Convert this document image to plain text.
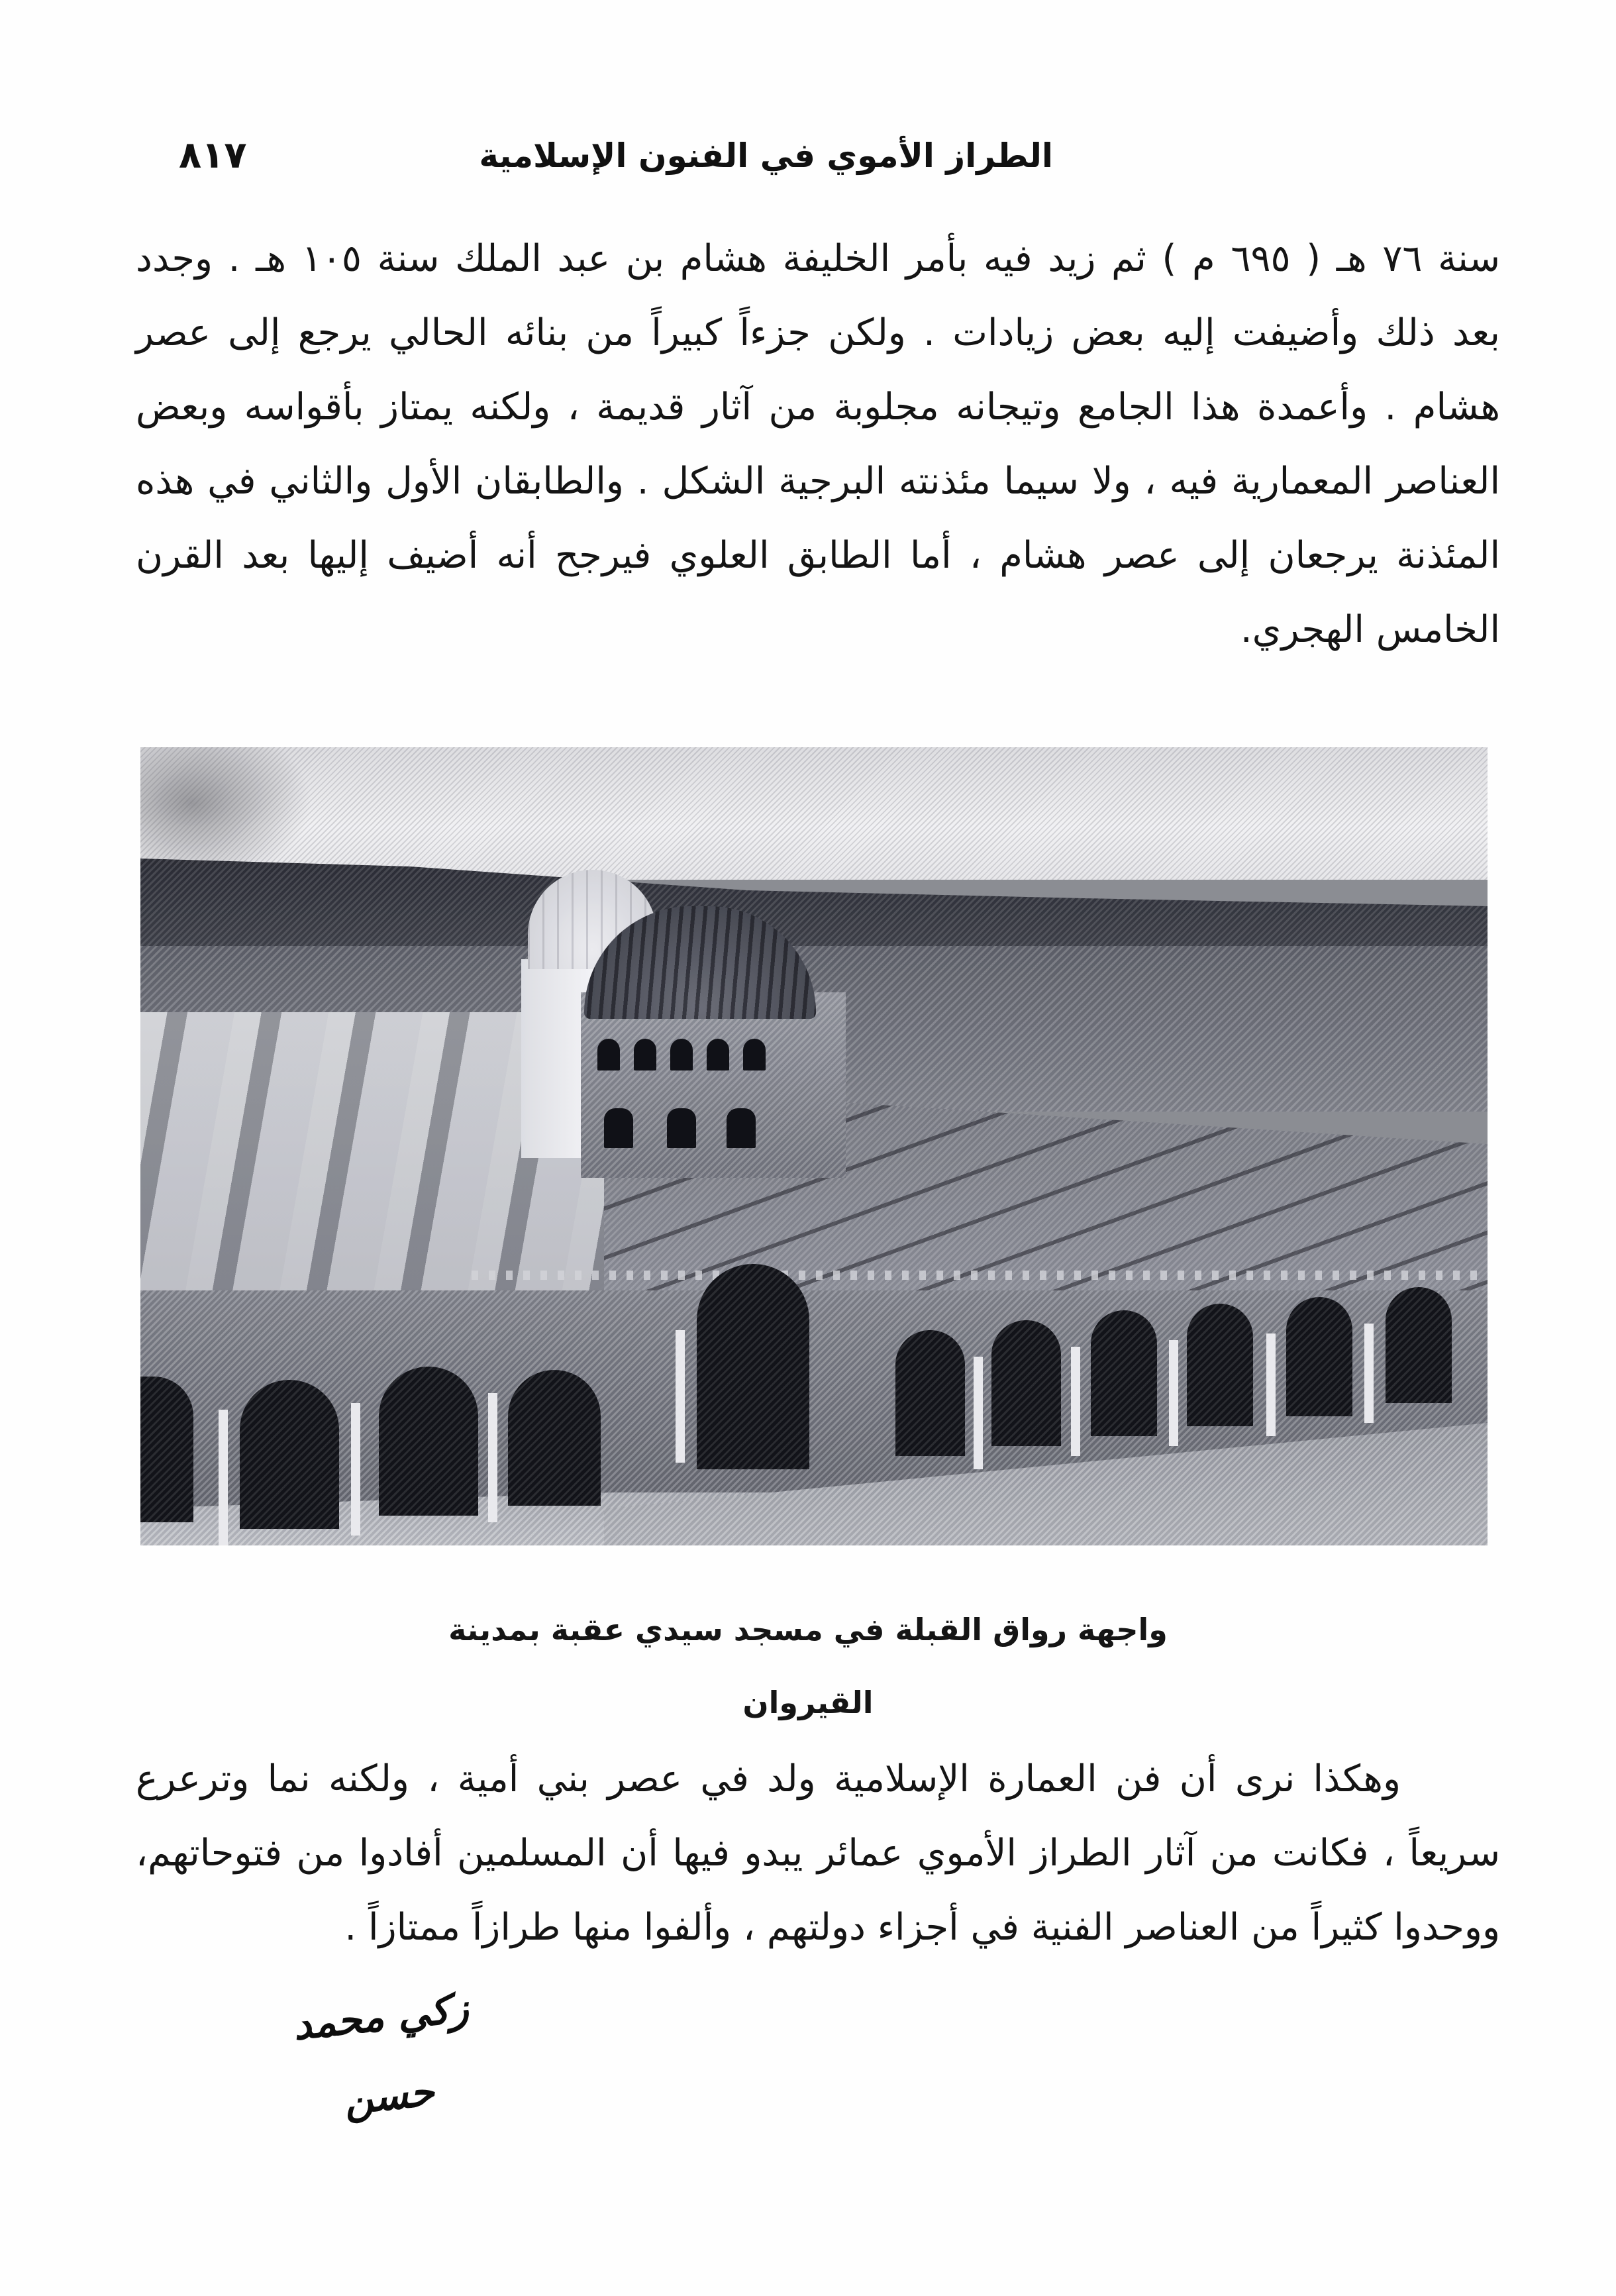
الطراز الأموي في الفنون الإسلامية
٨١٧
سنة ٧٦ هـ ( ٦٩٥ م ) ثم زيد فيه بأمر الخليفة هشام بن عبد الملك سنة ١٠٥ هـ . وجدد
بعد ذلك وأضيفت إليه بعض زيادات . ولكن جزءاً كبيراً من بنائه الحالي يرجع إلى عصر
هشام . وأعمدة هذا الجامع وتيجانه مجلوبة من آثار قديمة ، ولكنه يمتاز بأقواسه وبعض
العناصر المعمارية فيه ، ولا سيما مئذنته البرجية الشكل . والطابقان الأول والثاني في هذه
المئذنة يرجعان إلى عصر هشام ، أما الطابق العلوي فيرجح أنه أضيف إليها بعد القرن
الخامس الهجري.
واجهة رواق القبلة في مسجد سيدي عقبة بمدينة القيروان
وهكذا نرى أن فن العمارة الإسلامية ولد في عصر بني أمية ، ولكنه نما وترعرع
سريعاً ، فكانت من آثار الطراز الأموي عمائر يبدو فيها أن المسلمين أفادوا من فتوحاتهم،
ووحدوا كثيراً من العناصر الفنية في أجزاء دولتهم ، وألفوا منها طرازاً ممتازاً .
زكي محمد حسن
